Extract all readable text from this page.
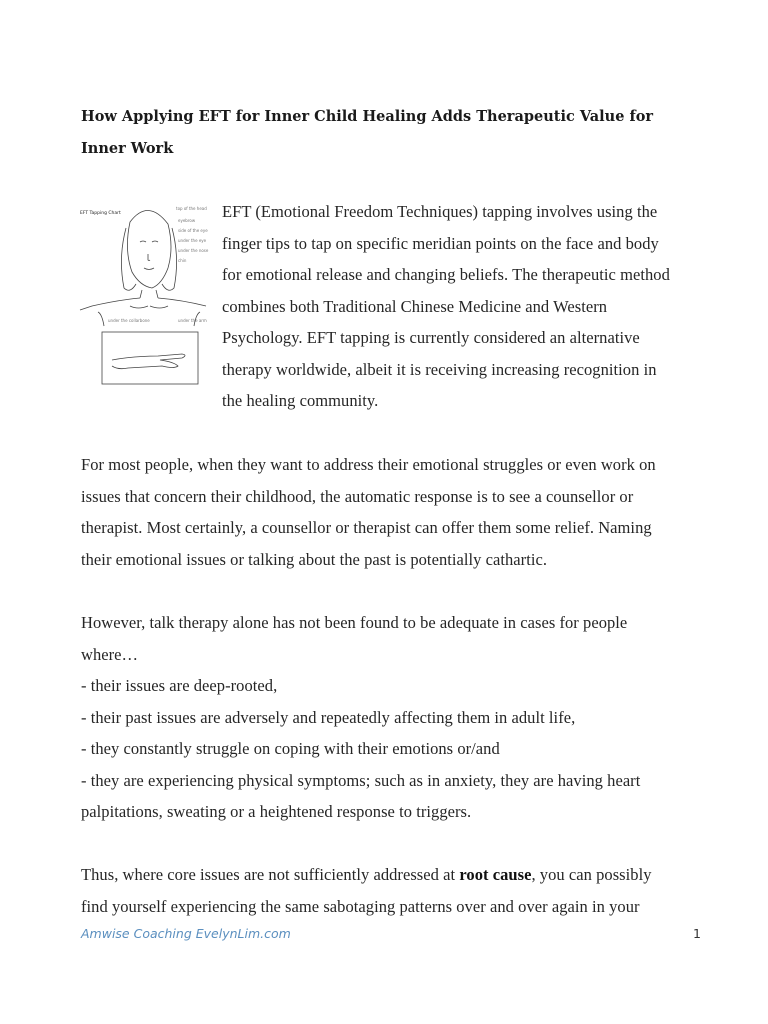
How Applying EFT for Inner Child Healing Adds Therapeutic Value for Inner Work
EFT Tapping Chart
top of the head
eyebrow
side of the eye
under the eye
under the nose
chin
under the collarbone	under the arm

EFT (Emotional Freedom Techniques) tapping involves using the
finger tips to tap on specific meridian points on the face and body
for emotional release and changing beliefs. The therapeutic method
combines both Traditional Chinese Medicine and Western
Psychology. EFT tapping is currently considered an alternative
therapy worldwide, albeit it is receiving increasing recognition in
the healing community.

For most people, when they want to address their emotional struggles or even work on
issues that concern their childhood, the automatic response is to see a counsellor or
therapist. Most certainly, a counsellor or therapist can offer them some relief. Naming
their emotional issues or talking about the past is potentially cathartic.

However, talk therapy alone has not been found to be adequate in cases for people
where…
- their issues are deep-rooted,
- their past issues are adversely and repeatedly affecting them in adult life,
- they constantly struggle on coping with their emotions or/and
- they are experiencing physical symptoms; such as in anxiety, they are having heart
palpitations, sweating or a heightened response to triggers.

Thus, where core issues are not sufficiently addressed at root cause, you can possibly
find yourself experiencing the same sabotaging patterns over and over again in your

Amwise Coaching EvelynLim.com	1
